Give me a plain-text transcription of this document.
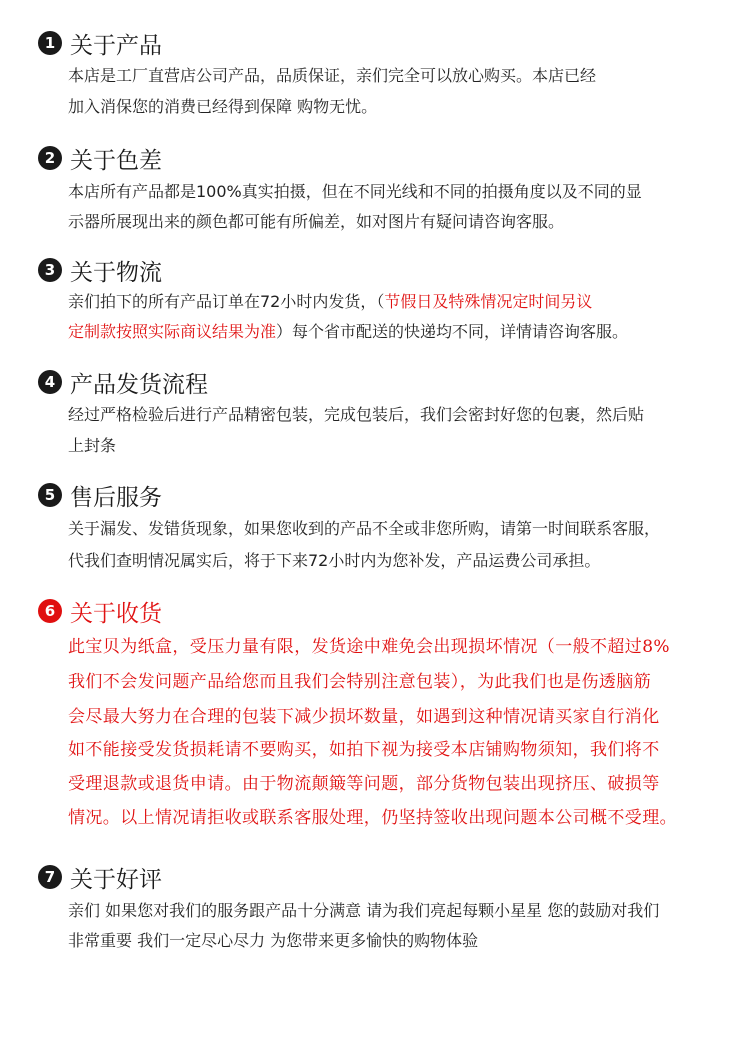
1 关于产品
本店是工厂直营店公司产品，品质保证，亲们完全可以放心购买。本店已经
加入消保您的消费已经得到保障 购物无忧。
2 关于色差
本店所有产品都是100%真实拍摄，但在不同光线和不同的拍摄角度以及不同的显
示器所展现出来的颜色都可能有所偏差，如对图片有疑问请咨询客服。
3 关于物流
亲们拍下的所有产品订单在72小时内发货，（节假日及特殊情况定时间另议
定制款按照实际商议结果为准）每个省市配送的快递均不同，详情请咨询客服。
4 产品发货流程
经过严格检验后进行产品精密包装，完成包装后，我们会密封好您的包裹，然后贴
上封条
5 售后服务
关于漏发、发错货现象，如果您收到的产品不全或非您所购，请第一时间联系客服，
代我们查明情况属实后，将于下来72小时内为您补发，产品运费公司承担。
6 关于收货
此宝贝为纸盒，受压力量有限，发货途中难免会出现损坏情况（一般不超过8%
我们不会发问题产品给您而且我们会特别注意包装），为此我们也是伤透脑筋
会尽最大努力在合理的包装下减少损坏数量，如遇到这种情况请买家自行消化
如不能接受发货损耗请不要购买，如拍下视为接受本店铺购物须知，我们将不
受理退款或退货申请。由于物流颠簸等问题，部分货物包装出现挤压、破损等
情况。以上情况请拒收或联系客服处理，仍坚持签收出现问题本公司概不受理。
7 关于好评
亲们 如果您对我们的服务跟产品十分满意 请为我们亮起每颗小星星 您的鼓励对我们
非常重要 我们一定尽心尽力 为您带来更多愉快的购物体验
